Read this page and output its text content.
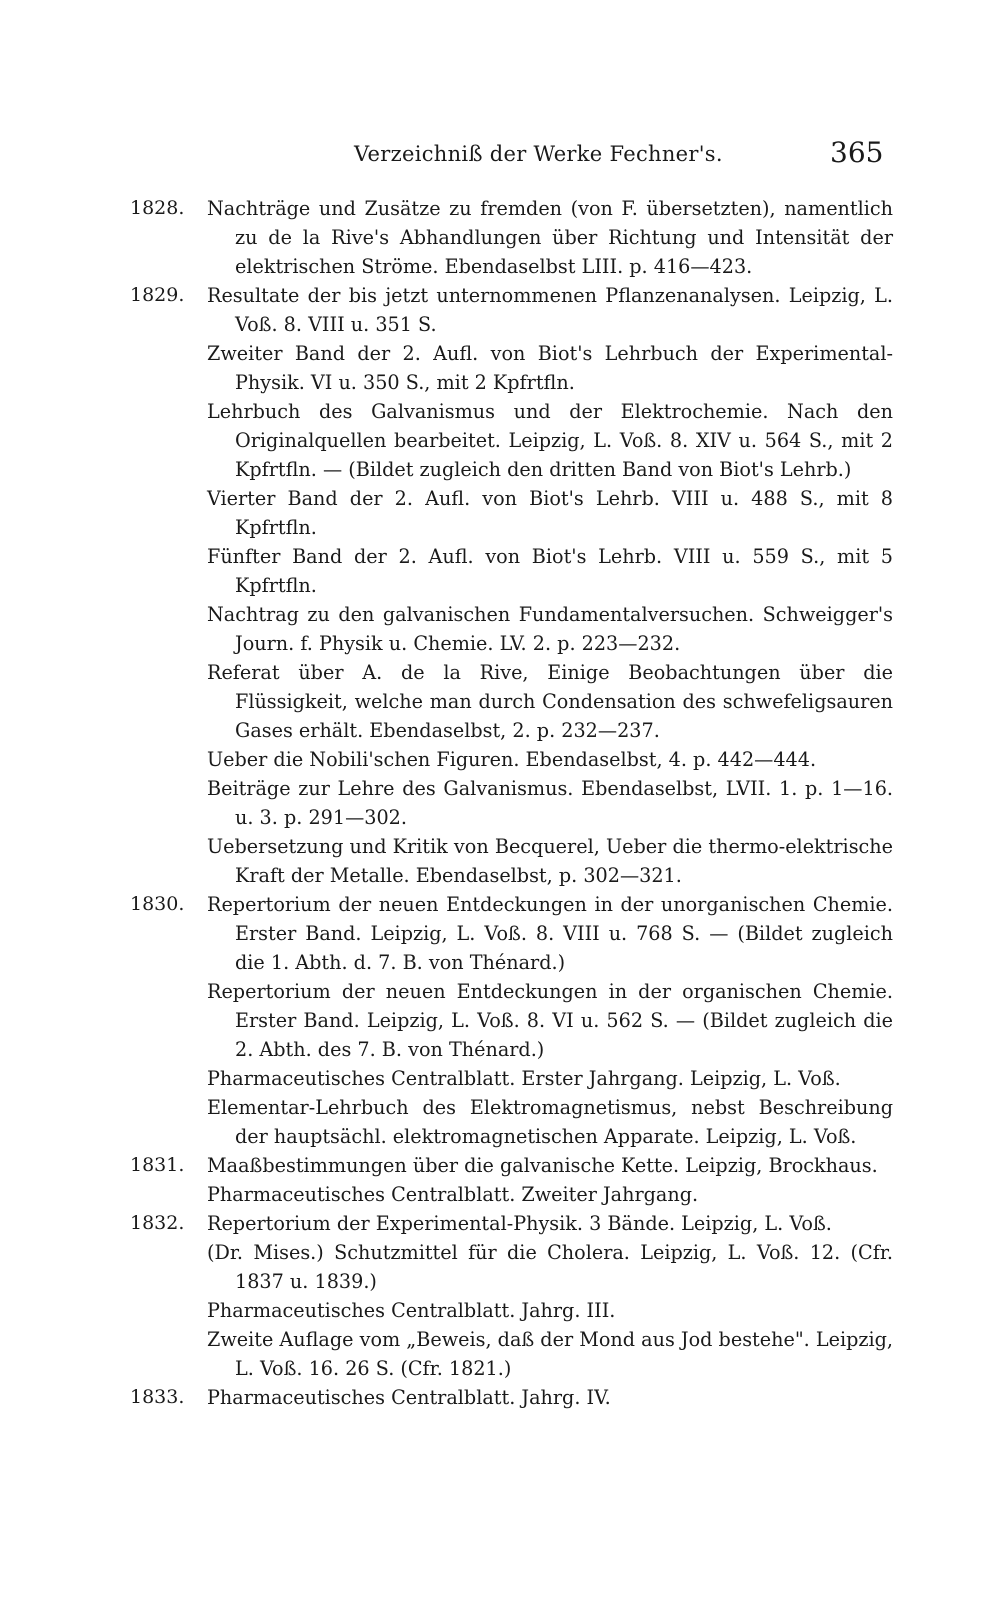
Verzeichniß der Werke Fechner's.	365
1828.	Nachträge und Zusätze zu fremden (von F. übersetzten), namentlich zu de la Rive's Abhandlungen über Richtung und Intensität der elektrischen Ströme. Ebendaselbst LIII. p. 416—423.
1829.	Resultate der bis jetzt unternommenen Pflanzenanalysen. Leipzig, L. Voß. 8. VIII u. 351 S.
Zweiter Band der 2. Aufl. von Biot's Lehrbuch der Experimental-Physik. VI u. 350 S., mit 2 Kpfrtfln.
Lehrbuch des Galvanismus und der Elektrochemie. Nach den Originalquellen bearbeitet. Leipzig, L. Voß. 8. XIV u. 564 S., mit 2 Kpfrtfln. — (Bildet zugleich den dritten Band von Biot's Lehrb.)
Vierter Band der 2. Aufl. von Biot's Lehrb. VIII u. 488 S., mit 8 Kpfrtfln.
Fünfter Band der 2. Aufl. von Biot's Lehrb. VIII u. 559 S., mit 5 Kpfrtfln.
Nachtrag zu den galvanischen Fundamentalversuchen. Schweigger's Journ. f. Physik u. Chemie. LV. 2. p. 223—232.
Referat über A. de la Rive, Einige Beobachtungen über die Flüssigkeit, welche man durch Condensation des schwefeligsauren Gases erhält. Ebendaselbst, 2. p. 232—237.
Ueber die Nobili'schen Figuren. Ebendaselbst, 4. p. 442—444.
Beiträge zur Lehre des Galvanismus. Ebendaselbst, LVII. 1. p. 1—16. u. 3. p. 291—302.
Uebersetzung und Kritik von Becquerel, Ueber die thermo-elektrische Kraft der Metalle. Ebendaselbst, p. 302—321.
1830.	Repertorium der neuen Entdeckungen in der unorganischen Chemie. Erster Band. Leipzig, L. Voß. 8. VIII u. 768 S. — (Bildet zugleich die 1. Abth. d. 7. B. von Thénard.)
Repertorium der neuen Entdeckungen in der organischen Chemie. Erster Band. Leipzig, L. Voß. 8. VI u. 562 S. — (Bildet zugleich die 2. Abth. des 7. B. von Thénard.)
Pharmaceutisches Centralblatt. Erster Jahrgang. Leipzig, L. Voß.
Elementar-Lehrbuch des Elektromagnetismus, nebst Beschreibung der hauptsächl. elektromagnetischen Apparate. Leipzig, L. Voß.
1831.	Maaßbestimmungen über die galvanische Kette. Leipzig, Brockhaus.
Pharmaceutisches Centralblatt. Zweiter Jahrgang.
1832.	Repertorium der Experimental-Physik. 3 Bände. Leipzig, L. Voß.
(Dr. Mises.) Schutzmittel für die Cholera. Leipzig, L. Voß. 12. (Cfr. 1837 u. 1839.)
Pharmaceutisches Centralblatt. Jahrg. III.
Zweite Auflage vom „Beweis, daß der Mond aus Jod bestehe". Leipzig, L. Voß. 16. 26 S. (Cfr. 1821.)
1833.	Pharmaceutisches Centralblatt. Jahrg. IV.
